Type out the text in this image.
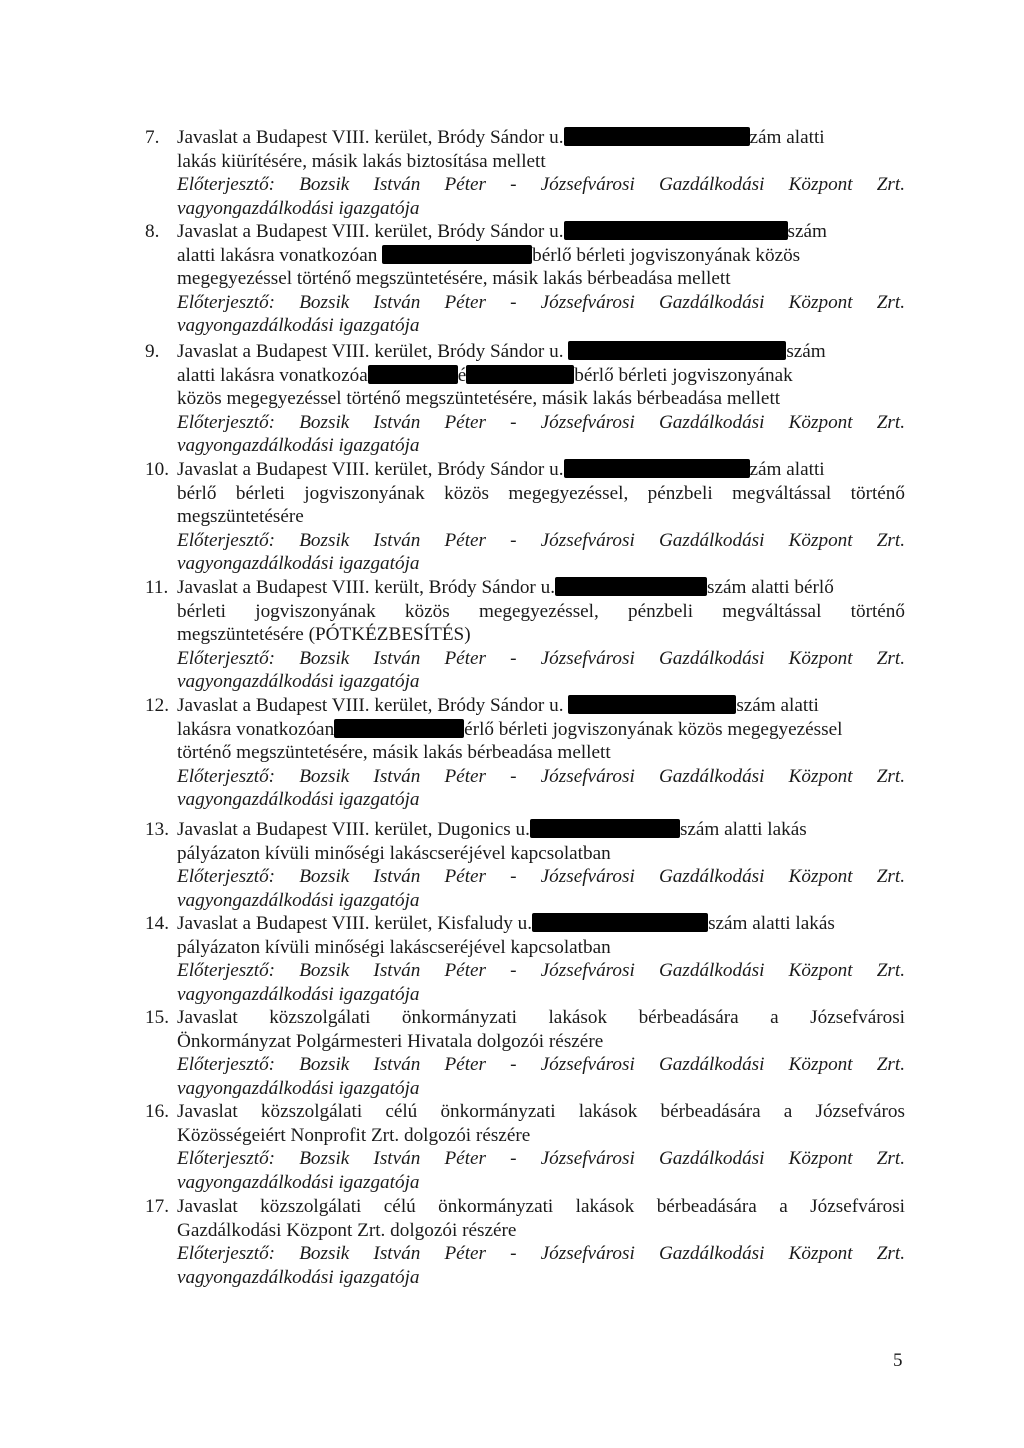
7. Javaslat a Budapest VIII. kerület, Bródy Sándor u.	zám alatti
lakás kiürítésére, másik lakás biztosítása mellett
Előterjesztő: Bozsik István Péter - Józsefvárosi Gazdálkodási Központ Zrt.
vagyongazdálkodási igazgatója
8. Javaslat a Budapest VIII. kerület, Bródy Sándor u.	szám
alatti lakásra vonatkozóan	bérlő bérleti jogviszonyának közös
megegyezéssel történő megszüntetésére, másik lakás bérbeadása mellett
Előterjesztő: Bozsik István Péter - Józsefvárosi Gazdálkodási Központ Zrt.
vagyongazdálkodási igazgatója
9. Javaslat a Budapest VIII. kerület, Bródy Sándor u.	szám
alatti lakásra vonatkozóa	é	bérlő bérleti jogviszonyának
közös megegyezéssel történő megszüntetésére, másik lakás bérbeadása mellett
Előterjesztő: Bozsik István Péter - Józsefvárosi Gazdálkodási Központ Zrt.
vagyongazdálkodási igazgatója
10. Javaslat a Budapest VIII. kerület, Bródy Sándor u.	zám alatti
bérlő bérleti jogviszonyának közös megegyezéssel, pénzbeli megváltással történő
megszüntetésére
Előterjesztő: Bozsik István Péter - Józsefvárosi Gazdálkodási Központ Zrt.
vagyongazdálkodási igazgatója
11. Javaslat a Budapest VIII. került, Bródy Sándor u.	szám alatti bérlő
bérleti jogviszonyának közös megegyezéssel, pénzbeli megváltással történő
megszüntetésére (PÓTKÉZBESÍTÉS)
Előterjesztő: Bozsik István Péter - Józsefvárosi Gazdálkodási Központ Zrt.
vagyongazdálkodási igazgatója
12. Javaslat a Budapest VIII. kerület, Bródy Sándor u.	szám alatti
lakásra vonatkozóan	érlő bérleti jogviszonyának közös megegyezéssel
történő megszüntetésére, másik lakás bérbeadása mellett
Előterjesztő: Bozsik István Péter - Józsefvárosi Gazdálkodási Központ Zrt.
vagyongazdálkodási igazgatója
13. Javaslat a Budapest VIII. kerület, Dugonics u.	szám alatti lakás
pályázaton kívüli minőségi lakáscseréjével kapcsolatban
Előterjesztő: Bozsik István Péter - Józsefvárosi Gazdálkodási Központ Zrt.
vagyongazdálkodási igazgatója
14. Javaslat a Budapest VIII. kerület, Kisfaludy u.	szám alatti lakás
pályázaton kívüli minőségi lakáscseréjével kapcsolatban
Előterjesztő: Bozsik István Péter - Józsefvárosi Gazdálkodási Központ Zrt.
vagyongazdálkodási igazgatója
15. Javaslat közszolgálati önkormányzati lakások bérbeadására a Józsefvárosi
Önkormányzat Polgármesteri Hivatala dolgozói részére
Előterjesztő: Bozsik István Péter - Józsefvárosi Gazdálkodási Központ Zrt.
vagyongazdálkodási igazgatója
16. Javaslat közszolgálati célú önkormányzati lakások bérbeadására a Józsefváros
Közösségeiért Nonprofit Zrt. dolgozói részére
Előterjesztő: Bozsik István Péter - Józsefvárosi Gazdálkodási Központ Zrt.
vagyongazdálkodási igazgatója
17. Javaslat közszolgálati célú önkormányzati lakások bérbeadására a Józsefvárosi
Gazdálkodási Központ Zrt. dolgozói részére
Előterjesztő: Bozsik István Péter - Józsefvárosi Gazdálkodási Központ Zrt.
vagyongazdálkodási igazgatója
5
